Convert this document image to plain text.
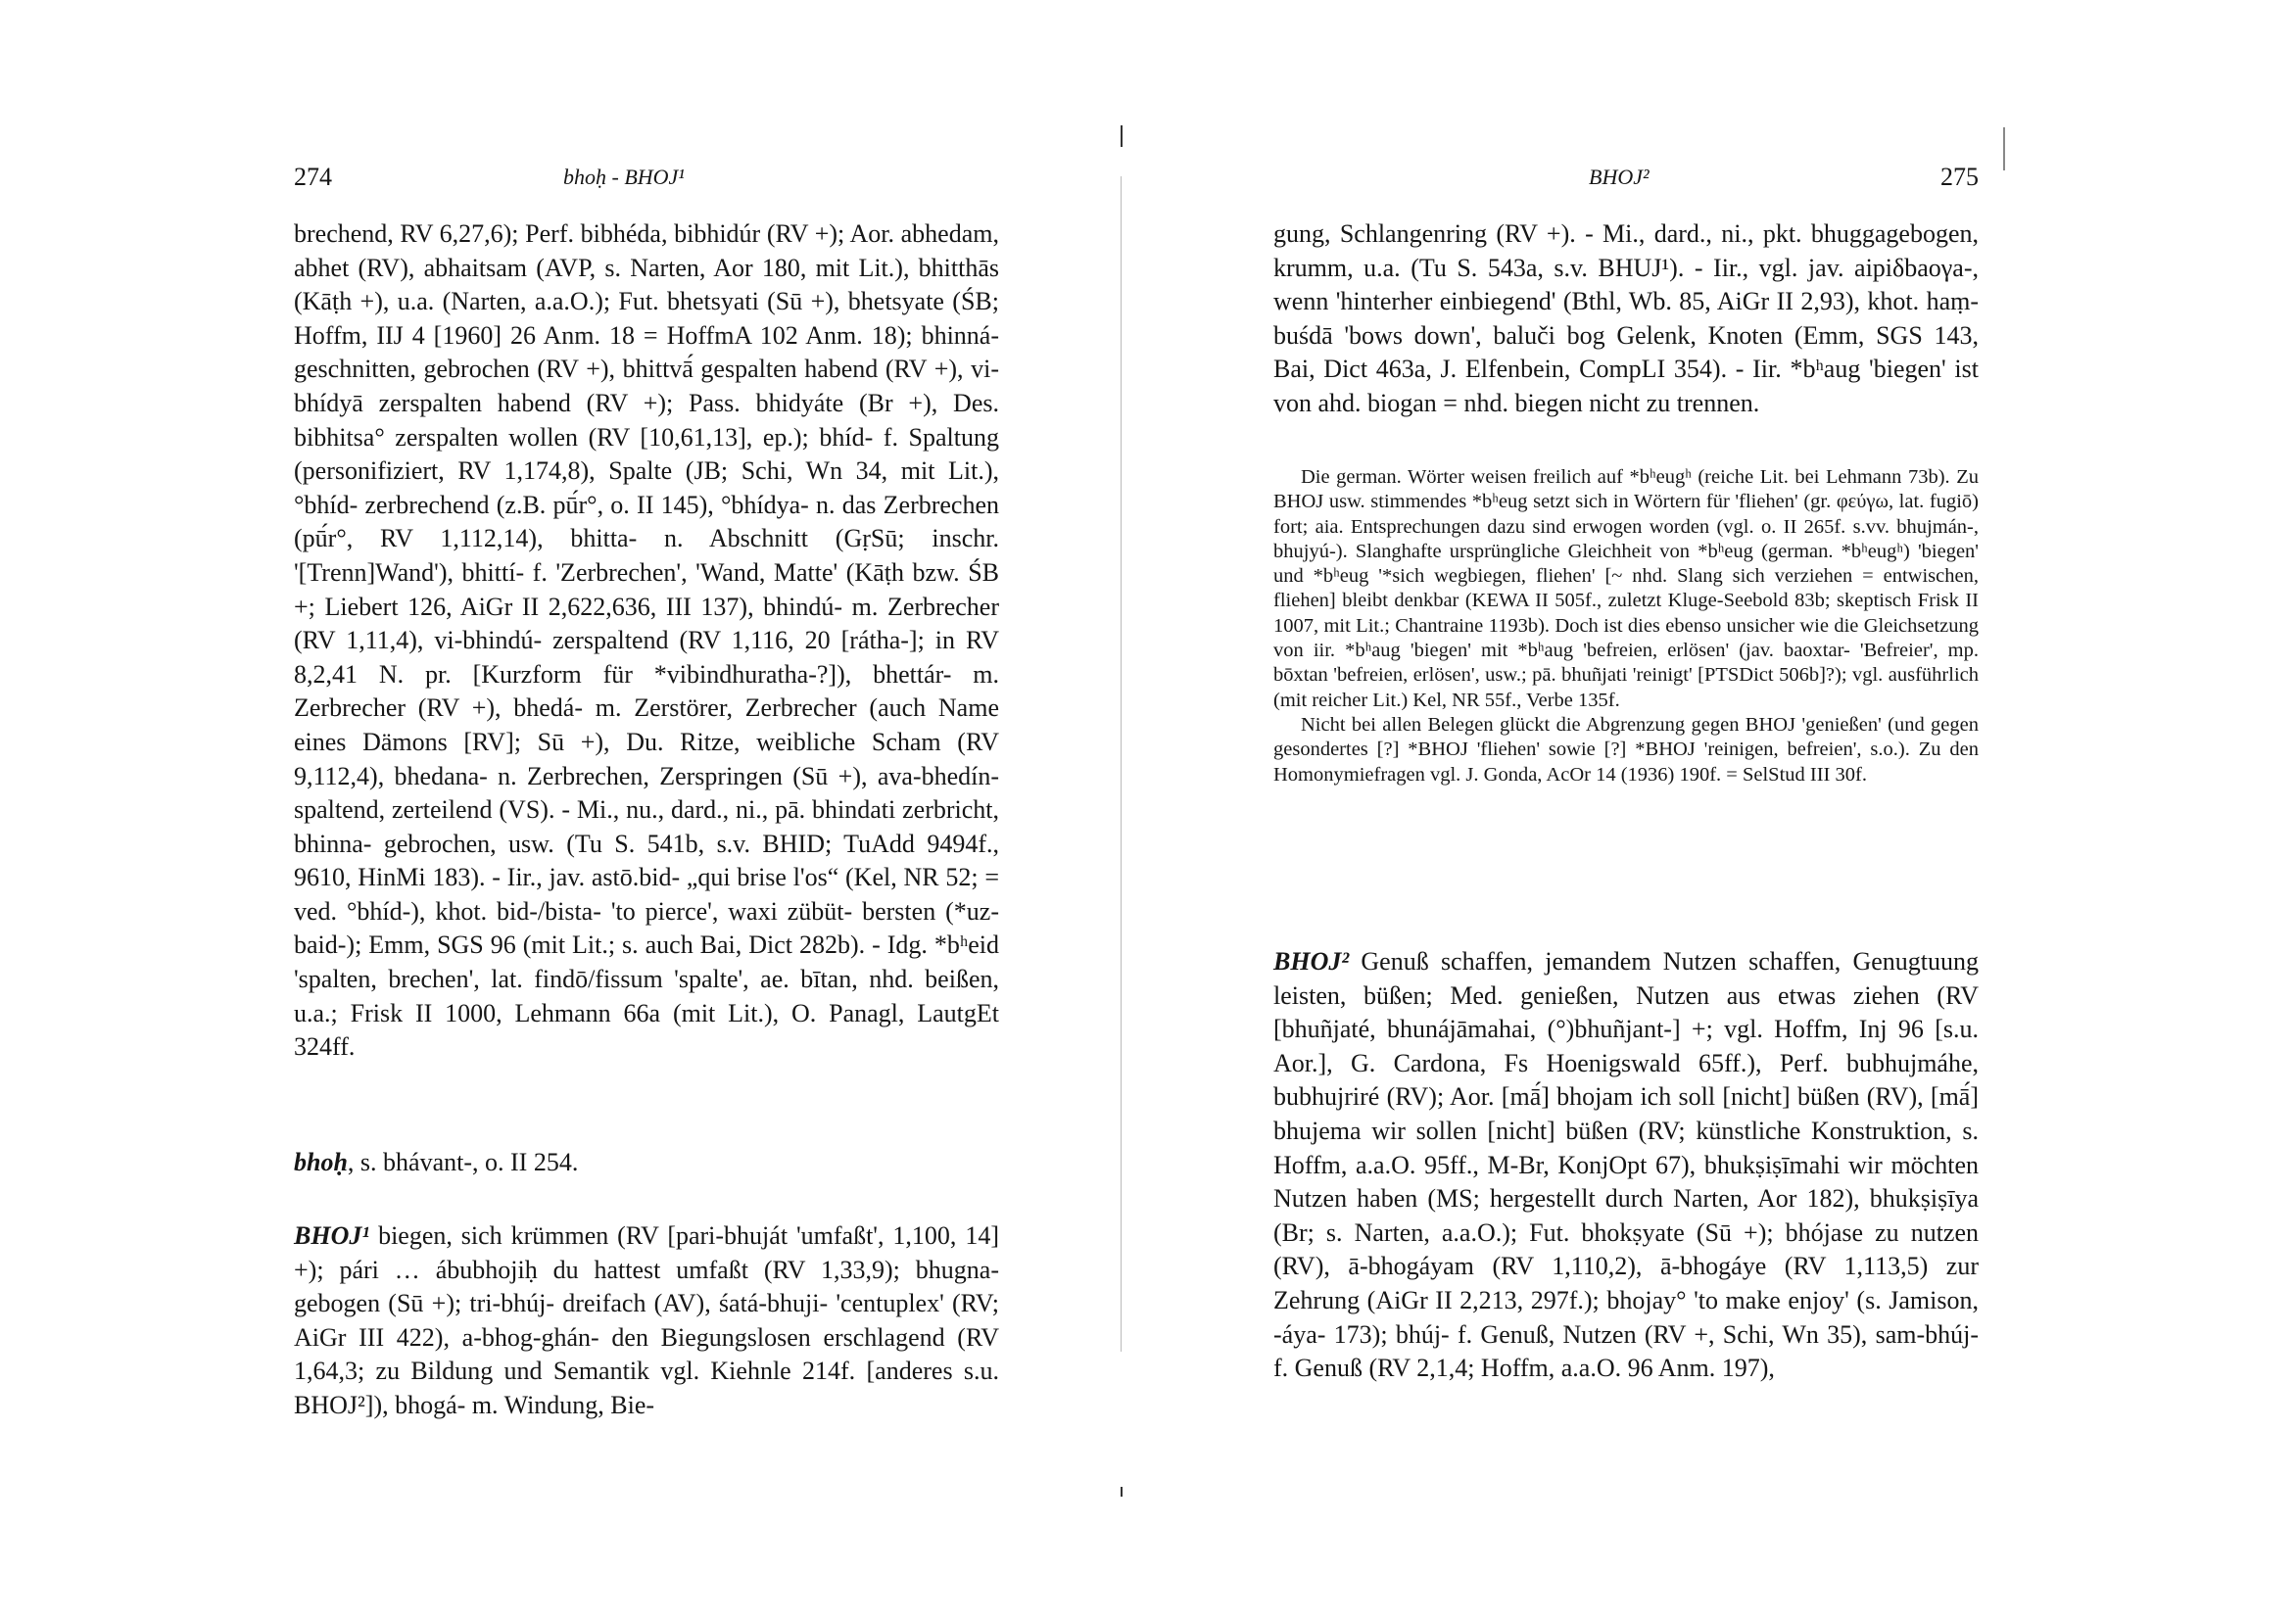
274	bhoḥ - BHOJ¹

brechend, RV 6,27,6); Perf. bibhéda, bibhidúr (RV +); Aor. abhedam, abhet (RV), abhaitsam (AVP, s. Narten, Aor 180, mit Lit.), bhitthās (Kāṭh +), u.a. (Narten, a.a.O.); Fut. bhetsyati (Sū +), bhetsyate (ŚB; Hoffm, IIJ 4 [1960] 26 Anm. 18 = HoffmA 102 Anm. 18); bhinná- geschnitten, gebrochen (RV +), bhittvā́ gespalten habend (RV +), vi-bhídyā zerspalten habend (RV +); Pass. bhidyáte (Br +), Des. bibhitsa° zerspalten wollen (RV [10,61,13], ep.); bhíd- f. Spaltung (personifiziert, RV 1,174,8), Spalte (JB; Schi, Wn 34, mit Lit.), °bhíd- zerbrechend (z.B. pū́r°, o. II 145), °bhídya- n. das Zerbrechen (pū́r°, RV 1,112,14), bhitta- n. Abschnitt (GṛSū; inschr. '[Trenn]Wand'), bhittí- f. 'Zerbrechen', 'Wand, Matte' (Kāṭh bzw. ŚB +; Liebert 126, AiGr II 2,622,636, III 137), bhindú- m. Zerbrecher (RV 1,11,4), vi-bhindú- zerspaltend (RV 1,116, 20 [rátha-]; in RV 8,2,41 N. pr. [Kurzform für *vibindhuratha-?]), bhettár- m. Zerbrecher (RV +), bhedá- m. Zerstörer, Zerbrecher (auch Name eines Dämons [RV]; Sū +), Du. Ritze, weibliche Scham (RV 9,112,4), bhedana- n. Zerbrechen, Zerspringen (Sū +), ava-bhedín- spaltend, zerteilend (VS). - Mi., nu., dard., ni., pā. bhindati zerbricht, bhinna- gebrochen, usw. (Tu S. 541b, s.v. BHID; TuAdd 9494f., 9610, HinMi 183). - Iir., jav. astō.bid- „qui brise l'os“ (Kel, NR 52; = ved. °bhíd-), khot. bid-/bista- 'to pierce', waxi zübüt- bersten (*uz-baid-); Emm, SGS 96 (mit Lit.; s. auch Bai, Dict 282b). - Idg. *bʰeid 'spalten, brechen', lat. findō/fissum 'spalte', ae. bītan, nhd. beißen, u.a.; Frisk II 1000, Lehmann 66a (mit Lit.), O. Panagl, LautgEt 324ff.

bhoḥ, s. bhávant-, o. II 254.

BHOJ¹ biegen, sich krümmen (RV [pari-bhuját 'umfaßt', 1,100, 14] +); pári … ábubhojiḥ du hattest umfaßt (RV 1,33,9); bhugna- gebogen (Sū +); tri-bhúj- dreifach (AV), śatá-bhuji- 'centuplex' (RV; AiGr III 422), a-bhog-ghán- den Biegungslosen erschlagend (RV 1,64,3; zu Bildung und Semantik vgl. Kiehnle 214f. [anderes s.u. BHOJ²]), bhogá- m. Windung, Bie-

BHOJ²	275

gung, Schlangenring (RV +). - Mi., dard., ni., pkt. bhuggagebogen, krumm, u.a. (Tu S. 543a, s.v. BHUJ¹). - Iir., vgl. jav. aipiδbaoγa-, wenn 'hinterher einbiegend' (Bthl, Wb. 85, AiGr II 2,93), khot. haṃ-buśdā 'bows down', baluči bog Gelenk, Knoten (Emm, SGS 143, Bai, Dict 463a, J. Elfenbein, CompLI 354). - Iir. *bʰaug 'biegen' ist von ahd. biogan = nhd. biegen nicht zu trennen.

Die german. Wörter weisen freilich auf *bʰeugʰ (reiche Lit. bei Lehmann 73b). Zu BHOJ usw. stimmendes *bʰeug setzt sich in Wörtern für 'fliehen' (gr. φεύγω, lat. fugiō) fort; aia. Entsprechungen dazu sind erwogen worden (vgl. o. II 265f. s.vv. bhujmán-, bhujyú-). Slanghafte ursprüngliche Gleichheit von *bʰeug (german. *bʰeugʰ) 'biegen' und *bʰeug '*sich wegbiegen, fliehen' [~ nhd. Slang sich verziehen = entwischen, fliehen] bleibt denkbar (KEWA II 505f., zuletzt Kluge-Seebold 83b; skeptisch Frisk II 1007, mit Lit.; Chantraine 1193b). Doch ist dies ebenso unsicher wie die Gleichsetzung von iir. *bʰaug 'biegen' mit *bʰaug 'befreien, erlösen' (jav. baoxtar- 'Befreier', mp. bōxtan 'befreien, erlösen', usw.; pā. bhuñjati 'reinigt' [PTSDict 506b]?); vgl. ausführlich (mit reicher Lit.) Kel, NR 55f., Verbe 135f.

Nicht bei allen Belegen glückt die Abgrenzung gegen BHOJ 'genießen' (und gegen gesondertes [?] *BHOJ 'fliehen' sowie [?] *BHOJ 'reinigen, befreien', s.o.). Zu den Homonymiefragen vgl. J. Gonda, AcOr 14 (1936) 190f. = SelStud III 30f.

BHOJ² Genuß schaffen, jemandem Nutzen schaffen, Genugtuung leisten, büßen; Med. genießen, Nutzen aus etwas ziehen (RV [bhuñjaté, bhunájāmahai, (°)bhuñjant-] +; vgl. Hoffm, Inj 96 [s.u. Aor.], G. Cardona, Fs Hoenigswald 65ff.), Perf. bubhujmáhe, bubhujriré (RV); Aor. [mā́] bhojam ich soll [nicht] büßen (RV), [mā́] bhujema wir sollen [nicht] büßen (RV; künstliche Konstruktion, s. Hoffm, a.a.O. 95ff., M-Br, KonjOpt 67), bhukṣiṣīmahi wir möchten Nutzen haben (MS; hergestellt durch Narten, Aor 182), bhukṣiṣīya (Br; s. Narten, a.a.O.); Fut. bhokṣyate (Sū +); bhójase zu nutzen (RV), ā-bhogáyam (RV 1,110,2), ā-bhogáye (RV 1,113,5) zur Zehrung (AiGr II 2,213, 297f.); bhojay° 'to make enjoy' (s. Jamison, -áya- 173); bhúj- f. Genuß, Nutzen (RV +, Schi, Wn 35), sam-bhúj- f. Genuß (RV 2,1,4; Hoffm, a.a.O. 96 Anm. 197),
